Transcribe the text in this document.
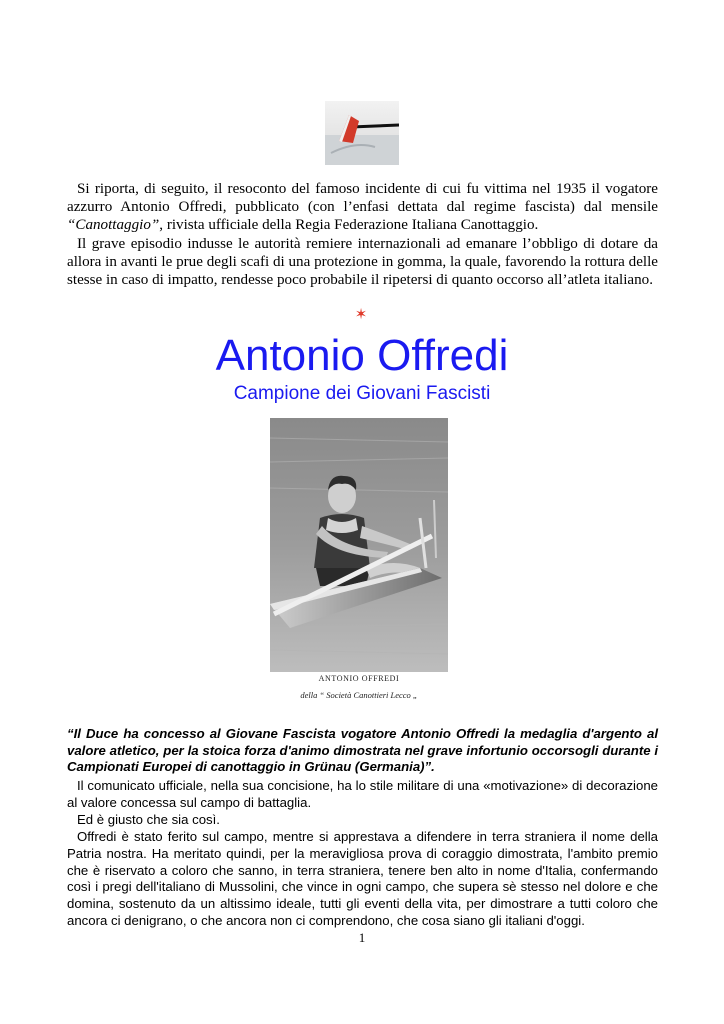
Si riporta, di seguito, il resoconto del famoso incidente di cui fu vittima nel 1935 il vogatore azzurro Antonio Offredi, pubblicato (con l’enfasi dettata dal regime fascista) dal mensile “Canottaggio”, rivista ufficiale della Regia Federazione Italiana Canottaggio.

Il grave episodio indusse le autorità remiere internazionali ad emanare l’obbligo di dotare da allora in avanti le prue degli scafi di una protezione in gomma, la quale, favorendo la rottura delle stesse in caso di impatto, rendesse poco probabile il ripetersi di quanto occorso all’atleta italiano.

✶
Antonio Offredi
Campione dei Giovani Fascisti
ANTONIO OFFREDI
della “ Società Canottieri Lecco „

“Il Duce ha concesso al Giovane Fascista vogatore Antonio Offredi la medaglia d'argento al valore atletico, per la stoica forza d'animo dimostrata nel grave infortunio occorsogli durante i Campionati Europei di canottaggio in Grünau (Germania)”.

Il comunicato ufficiale, nella sua concisione, ha lo stile militare di una «motivazione» di decorazione al valore concessa sul campo di battaglia.

Ed è giusto che sia così.

Offredi è stato ferito sul campo, mentre si apprestava a difendere in terra straniera il nome della Patria nostra. Ha meritato quindi, per la meravigliosa prova di coraggio dimostrata, l'ambito premio che è riservato a coloro che sanno, in terra straniera, tenere ben alto in nome d'Italia, confermando così i pregi dell'italiano di Mussolini, che vince in ogni campo, che supera sè stesso nel dolore e che domina, sostenuto da un altissimo ideale, tutti gli eventi della vita, per dimostrare a tutti coloro che ancora ci denigrano, o che ancora non ci comprendono, che cosa siano gli italiani d'oggi.

1
